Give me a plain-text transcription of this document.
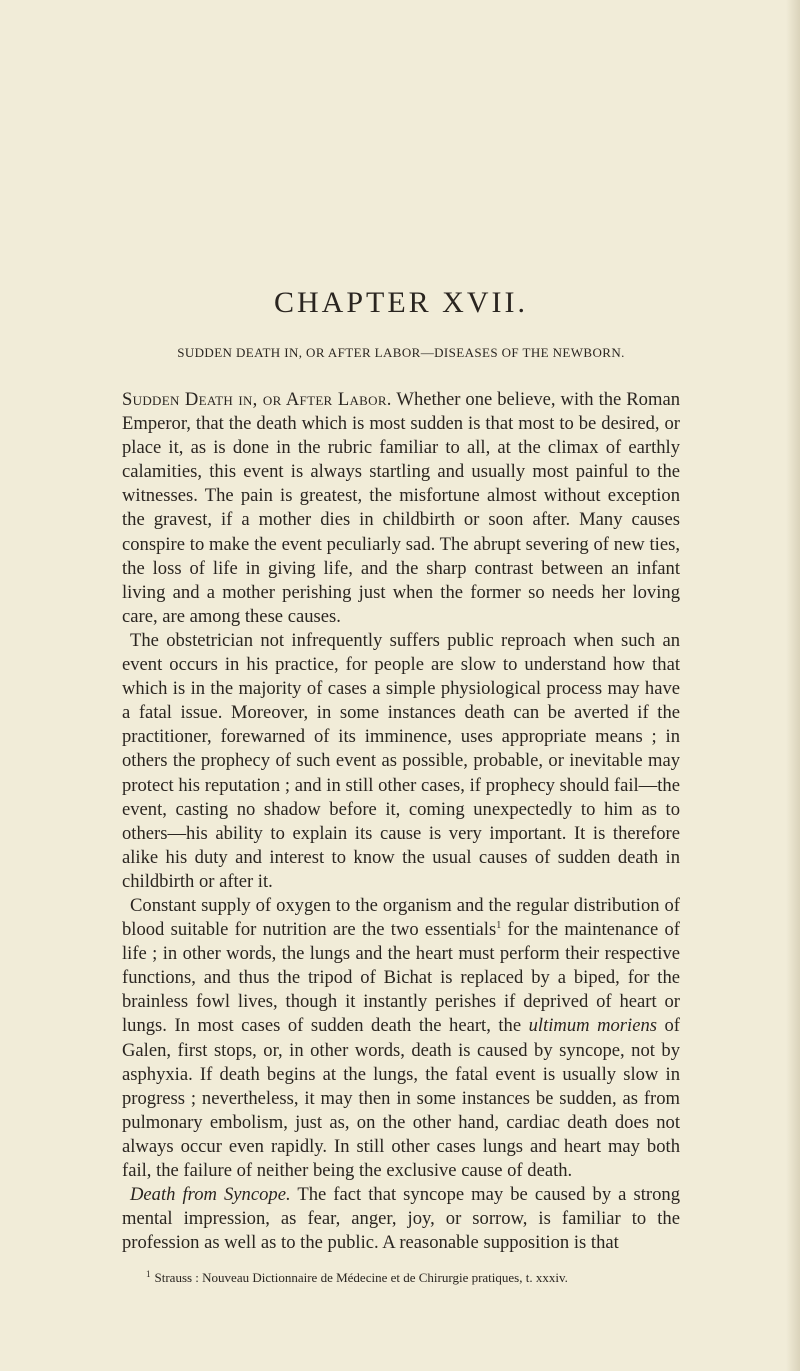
CHAPTER XVII.
SUDDEN DEATH IN, OR AFTER LABOR—DISEASES OF THE NEWBORN.

Sudden Death in, or After Labor. Whether one believe, with the Roman Emperor, that the death which is most sudden is that most to be desired, or place it, as is done in the rubric familiar to all, at the climax of earthly calamities, this event is always startling and usually most painful to the witnesses. The pain is greatest, the misfortune almost without exception the gravest, if a mother dies in childbirth or soon after. Many causes conspire to make the event peculiarly sad. The abrupt severing of new ties, the loss of life in giving life, and the sharp contrast between an infant living and a mother perishing just when the former so needs her loving care, are among these causes.

The obstetrician not infrequently suffers public reproach when such an event occurs in his practice, for people are slow to understand how that which is in the majority of cases a simple physiological process may have a fatal issue. Moreover, in some instances death can be averted if the practitioner, forewarned of its imminence, uses appropriate means ; in others the prophecy of such event as possible, probable, or inevitable may protect his reputation ; and in still other cases, if prophecy should fail—the event, casting no shadow before it, coming unexpectedly to him as to others—his ability to explain its cause is very important. It is therefore alike his duty and interest to know the usual causes of sudden death in childbirth or after it.

Constant supply of oxygen to the organism and the regular distribution of blood suitable for nutrition are the two essentials$^1$ for the maintenance of life ; in other words, the lungs and the heart must perform their respective functions, and thus the tripod of Bichat is replaced by a biped, for the brainless fowl lives, though it instantly perishes if deprived of heart or lungs. In most cases of sudden death the heart, the ultimum moriens of Galen, first stops, or, in other words, death is caused by syncope, not by asphyxia. If death begins at the lungs, the fatal event is usually slow in progress ; nevertheless, it may then in some instances be sudden, as from pulmonary embolism, just as, on the other hand, cardiac death does not always occur even rapidly. In still other cases lungs and heart may both fail, the failure of neither being the exclusive cause of death.

Death from Syncope. The fact that syncope may be caused by a strong mental impression, as fear, anger, joy, or sorrow, is familiar to the profession as well as to the public. A reasonable supposition is that

$^1$ Strauss : Nouveau Dictionnaire de Médecine et de Chirurgie pratiques, t. xxxiv.
